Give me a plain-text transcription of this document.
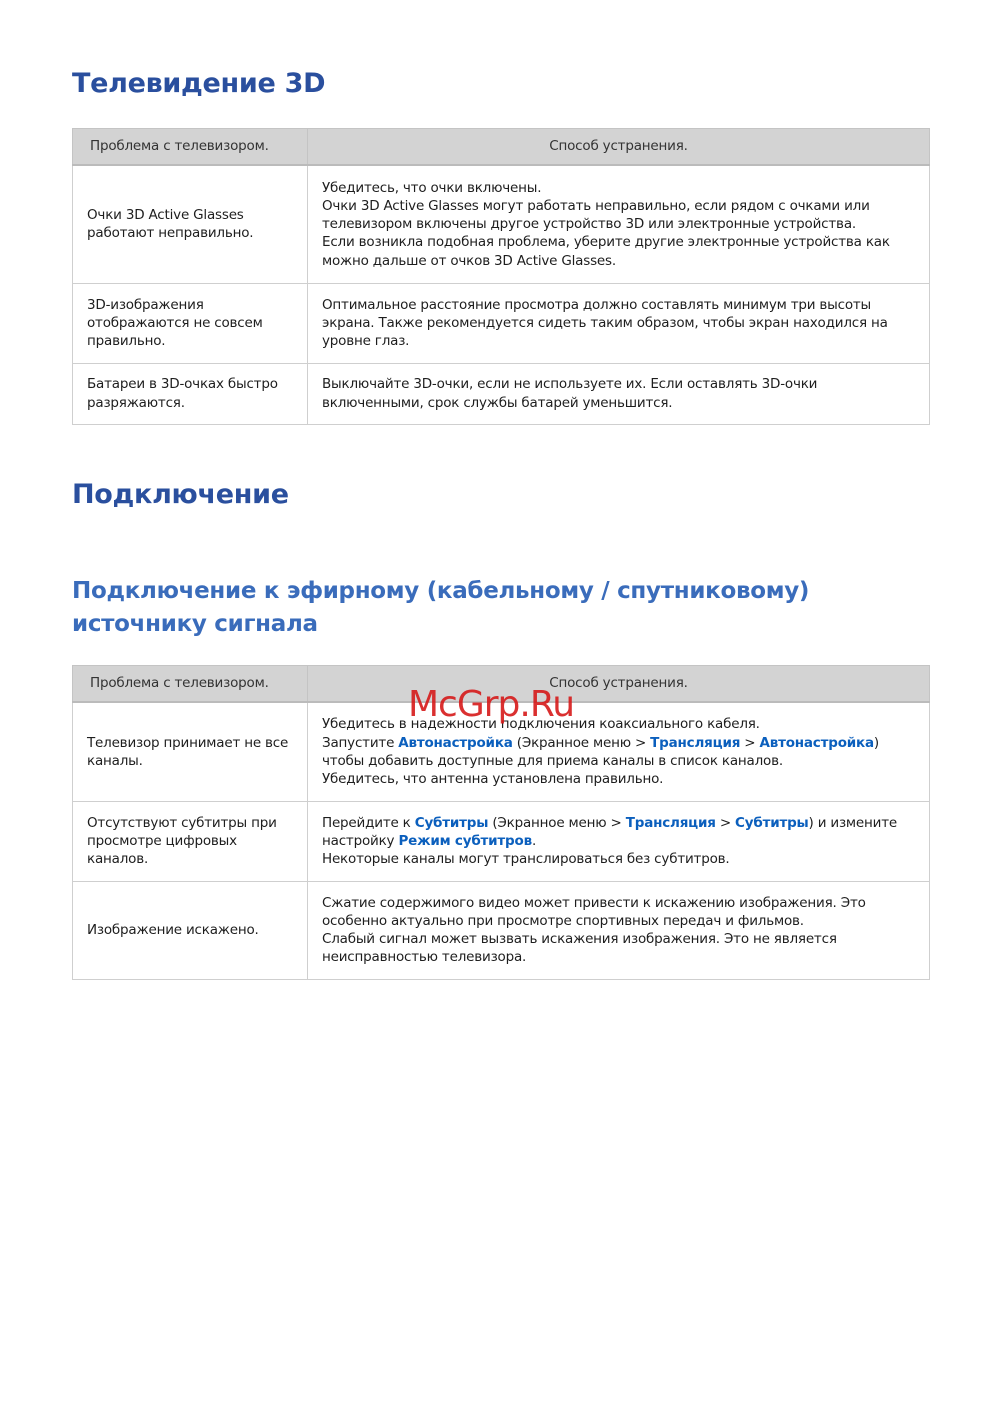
Телевидение 3D
Проблема с телевизором.	Способ устранения.
Очки 3D Active Glasses работают неправильно.	Убедитесь, что очки включены.
Очки 3D Active Glasses могут работать неправильно, если рядом с очками или телевизором включены другое устройство 3D или электронные устройства.
Если возникла подобная проблема, уберите другие электронные устройства как можно дальше от очков 3D Active Glasses.

3D-изображения отображаются не совсем правильно.	Оптимальное расстояние просмотра должно составлять минимум три высоты экрана. Также рекомендуется сидеть таким образом, чтобы экран находился на уровне глаз.
Батареи в 3D-очках быстро разряжаются.	Выключайте 3D-очки, если не используете их. Если оставлять 3D-очки включенными, срок службы батарей уменьшится.
Подключение
Подключение к эфирному (кабельному / спутниковому) источнику сигнала
Проблема с телевизором.	Способ устранения.
Телевизор принимает не все каналы.	Убедитесь в надежности подключения коаксиального кабеля.
Запустите Автонастройка (Экранное меню > Трансляция > Автонастройка) чтобы добавить доступные для приема каналы в список каналов.
Убедитесь, что антенна установлена правильно.

Отсутствуют субтитры при просмотре цифровых каналов.	Перейдите к Субтитры (Экранное меню > Трансляция > Субтитры) и измените настройку Режим субтитров.
Некоторые каналы могут транслироваться без субтитров.

Изображение искажено.	Сжатие содержимого видео может привести к искажению изображения. Это особенно актуально при просмотре спортивных передач и фильмов.
Слабый сигнал может вызвать искажения изображения. Это не является неисправностью телевизора.
McGrp.Ru
